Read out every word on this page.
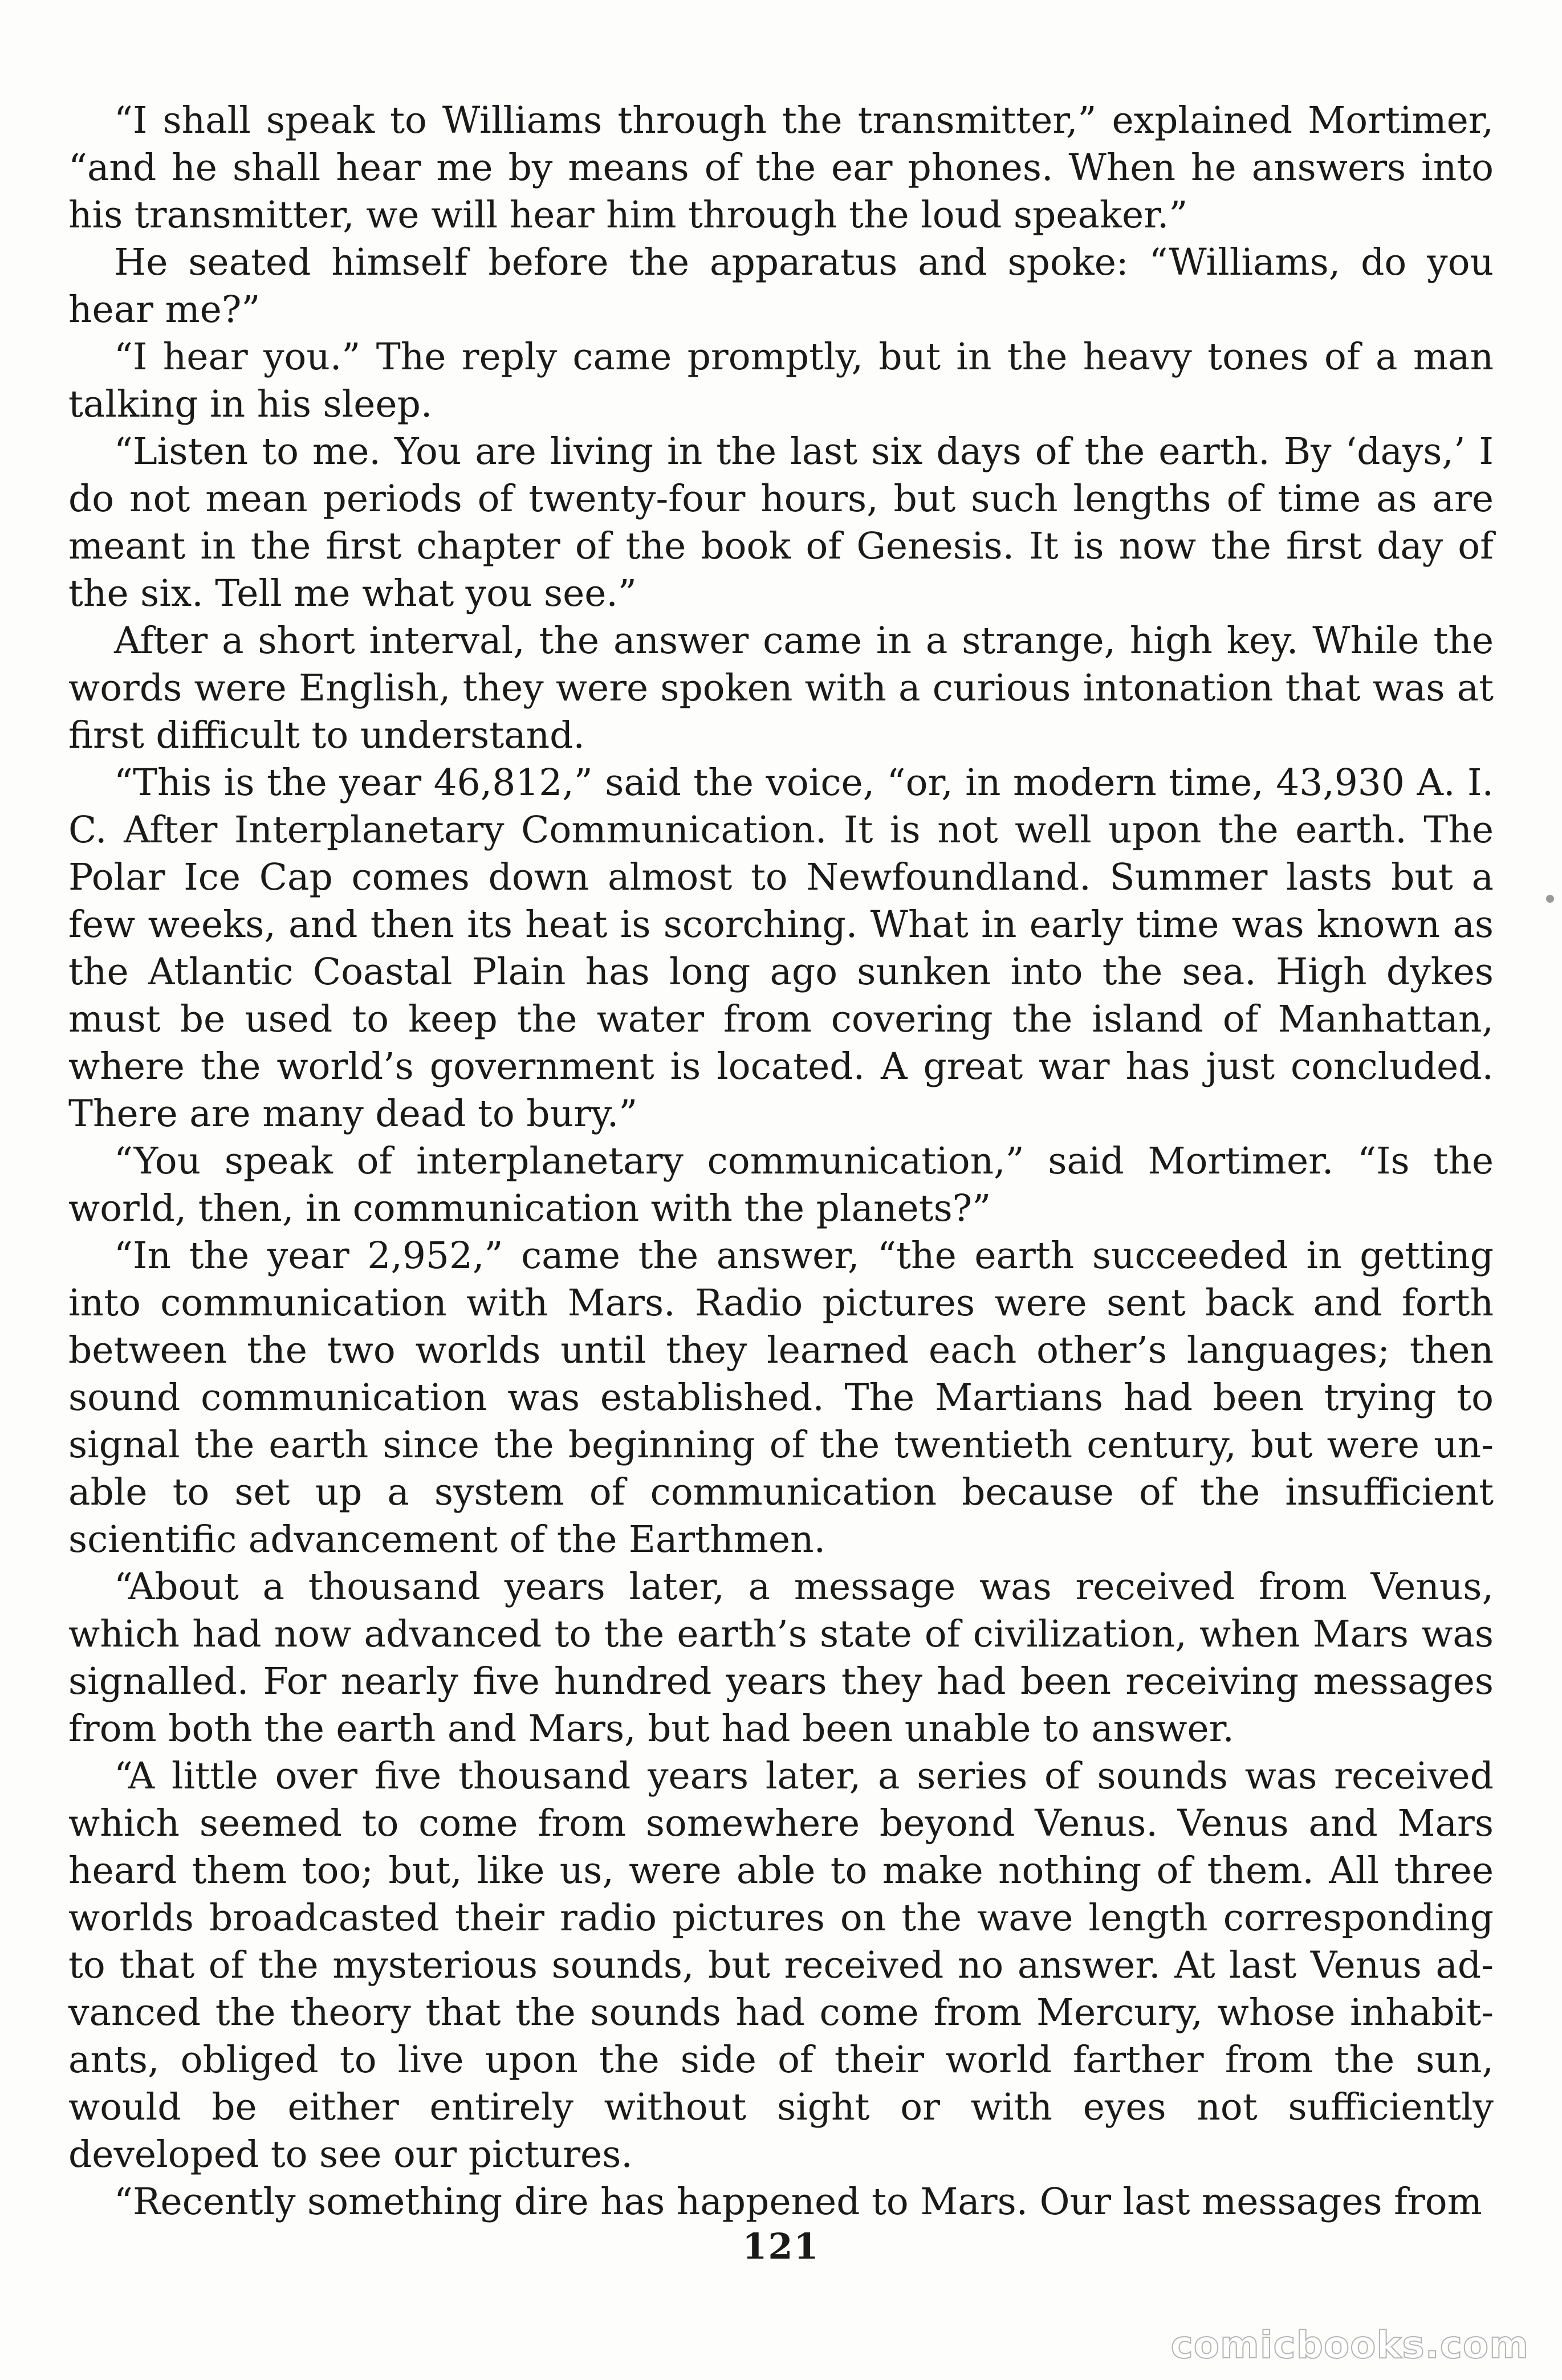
“I shall speak to Williams through the transmitter,” explained Mortimer, “and he shall hear me by means of the ear phones. When he answers into his transmitter, we will hear him through the loud speaker.”

He seated himself before the apparatus and spoke: “Williams, do you hear me?”

“I hear you.” The reply came promptly, but in the heavy tones of a man talking in his sleep.

“Listen to me. You are living in the last six days of the earth. By ‘days,’ I do not mean periods of twenty-four hours, but such lengths of time as are meant in the first chapter of the book of Genesis. It is now the first day of the six. Tell me what you see.”

After a short interval, the answer came in a strange, high key. While the words were English, they were spoken with a curious intonation that was at first difficult to understand.

“This is the year 46,812,” said the voice, “or, in modern time, 43,930 A. I. C. After Interplanetary Communication. It is not well upon the earth. The Polar Ice Cap comes down almost to Newfoundland. Summer lasts but a few weeks, and then its heat is scorching. What in early time was known as the Atlantic Coastal Plain has long ago sunken into the sea. High dykes must be used to keep the water from covering the island of Manhattan, where the world’s government is located. A great war has just concluded. There are many dead to bury.”

“You speak of interplanetary communication,” said Mortimer. “Is the world, then, in communication with the planets?”

“In the year 2,952,” came the answer, “the earth succeeded in getting into communication with Mars. Radio pictures were sent back and forth between the two worlds until they learned each other’s languages; then sound communication was established. The Martians had been trying to signal the earth since the beginning of the twentieth century, but were unable to set up a system of communication because of the insufficient scientific advancement of the Earthmen.

“About a thousand years later, a message was received from Venus, which had now advanced to the earth’s state of civilization, when Mars was signalled. For nearly five hundred years they had been receiving messages from both the earth and Mars, but had been unable to answer.

“A little over five thousand years later, a series of sounds was received which seemed to come from somewhere beyond Venus. Venus and Mars heard them too; but, like us, were able to make nothing of them. All three worlds broadcasted their radio pictures on the wave length corresponding to that of the mysterious sounds, but received no answer. At last Venus advanced the theory that the sounds had come from Mercury, whose inhabitants, obliged to live upon the side of their world farther from the sun, would be either entirely without sight or with eyes not sufficiently developed to see our pictures.

“Recently something dire has happened to Mars. Our last messages from

121
comicbooks.com
